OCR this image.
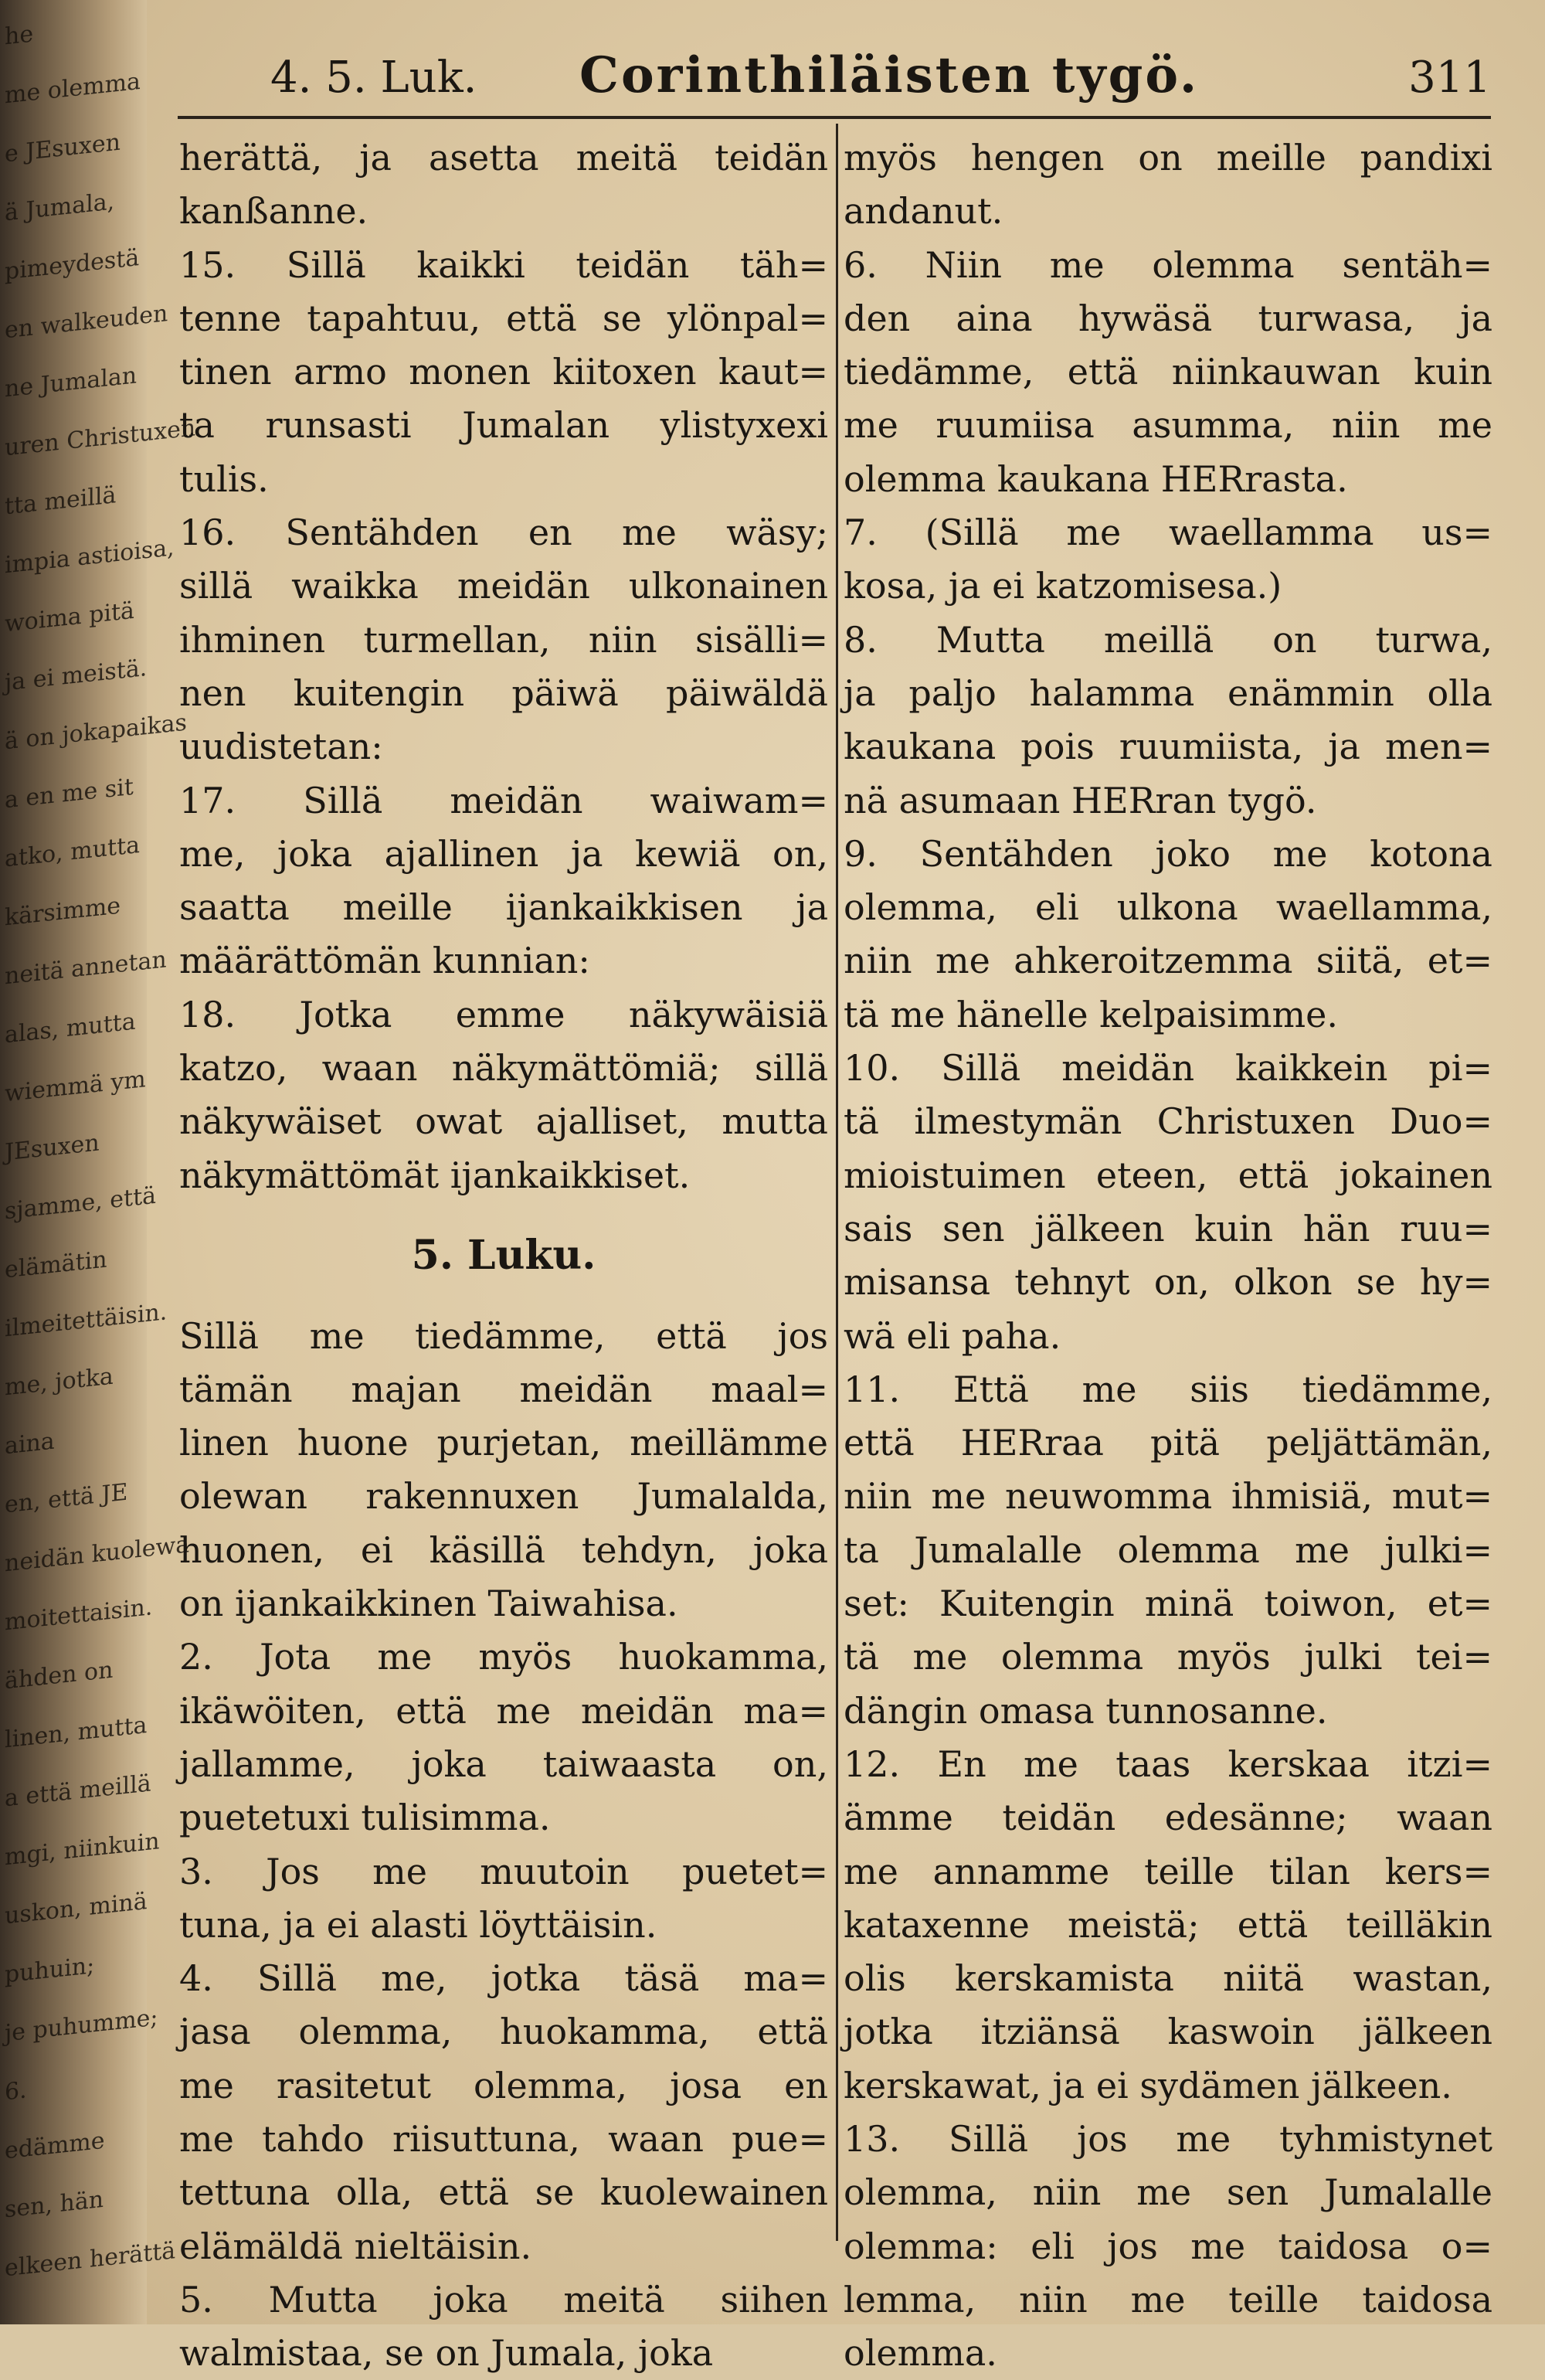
he
me olemma
e JEsuxen
ä Jumala,
pimeydestä
en walkeuden
ne Jumalan
uren Christuxen
tta meillä
impia astioisa,
woima pitä
ja ei meistä.
ä on jokapaikas
a en me sit
atko, mutta
kärsimme
neitä annetan
alas, mutta
wiemmä ym
JEsuxen
sjamme, että
elämätin
ilmeitettäisin.
me, jotka
aina
en, että JE
neidän kuolewa
moitettaisin.
ähden on
linen, mutta
a että meillä
mgi, niinkuin
uskon, minä
puhuin;
je puhumme;
6.
edämme
sen, hän
elkeen herättä
4. 5. Luk. Corinthiläisten tygö.	311
herättä, ja asetta meitä teidän
kanßanne.
15. Sillä kaikki teidän täh=
tenne tapahtuu, että se ylönpal=
tinen armo monen kiitoxen kaut=
ta runsasti Jumalan ylistyxexi
tulis.
16. Sentähden en me wäsy;
sillä waikka meidän ulkonainen
ihminen turmellan, niin sisälli=
nen kuitengin päiwä päiwäldä
uudistetan:
17. Sillä meidän waiwam=
me, joka ajallinen ja kewiä on,
saatta meille ijankaikkisen ja
määrättömän kunnian:
18. Jotka emme näkywäisiä
katzo, waan näkymättömiä; sillä
näkywäiset owat ajalliset, mutta
näkymättömät ijankaikkiset.
5. Luku.
Sillä me tiedämme, että jos
tämän majan meidän maal=
linen huone purjetan, meillämme
olewan rakennuxen Jumalalda,
huonen, ei käsillä tehdyn, joka
on ijankaikkinen Taiwahisa.
2. Jota me myös huokamma,
ikäwöiten, että me meidän ma=
jallamme, joka taiwaasta on,
puetetuxi tulisimma.
3. Jos me muutoin puetet=
tuna, ja ei alasti löyttäisin.
4. Sillä me, jotka täsä ma=
jasa olemma, huokamma, että
me rasitetut olemma, josa en
me tahdo riisuttuna, waan pue=
tettuna olla, että se kuolewainen
elämäldä nieltäisin.
5. Mutta joka meitä siihen
walmistaa, se on Jumala, joka
myös hengen on meille pandixi
andanut.
6. Niin me olemma sentäh=
den aina hywäsä turwasa, ja
tiedämme, että niinkauwan kuin
me ruumiisa asumma, niin me
olemma kaukana HERrasta.
7. (Sillä me waellamma us=
kosa, ja ei katzomisesa.)
8. Mutta meillä on turwa,
ja paljo halamma enämmin olla
kaukana pois ruumiista, ja men=
nä asumaan HERran tygö.
9. Sentähden joko me kotona
olemma, eli ulkona waellamma,
niin me ahkeroitzemma siitä, et=
tä me hänelle kelpaisimme.
10. Sillä meidän kaikkein pi=
tä ilmestymän Christuxen Duo=
mioistuimen eteen, että jokainen
sais sen jälkeen kuin hän ruu=
misansa tehnyt on, olkon se hy=
wä eli paha.
11. Että me siis tiedämme,
että HERraa pitä peljättämän,
niin me neuwomma ihmisiä, mut=
ta Jumalalle olemma me julki=
set: Kuitengin minä toiwon, et=
tä me olemma myös julki tei=
dängin omasa tunnosanne.
12. En me taas kerskaa itzi=
ämme teidän edesänne; waan
me annamme teille tilan kers=
kataxenne meistä; että teilläkin
olis kerskamista niitä wastan,
jotka itziänsä kaswoin jälkeen
kerskawat, ja ei sydämen jälkeen.
13. Sillä jos me tyhmistynet
olemma, niin me sen Jumalalle
olemma: eli jos me taidosa o=
lemma, niin me teille taidosa
olemma.
